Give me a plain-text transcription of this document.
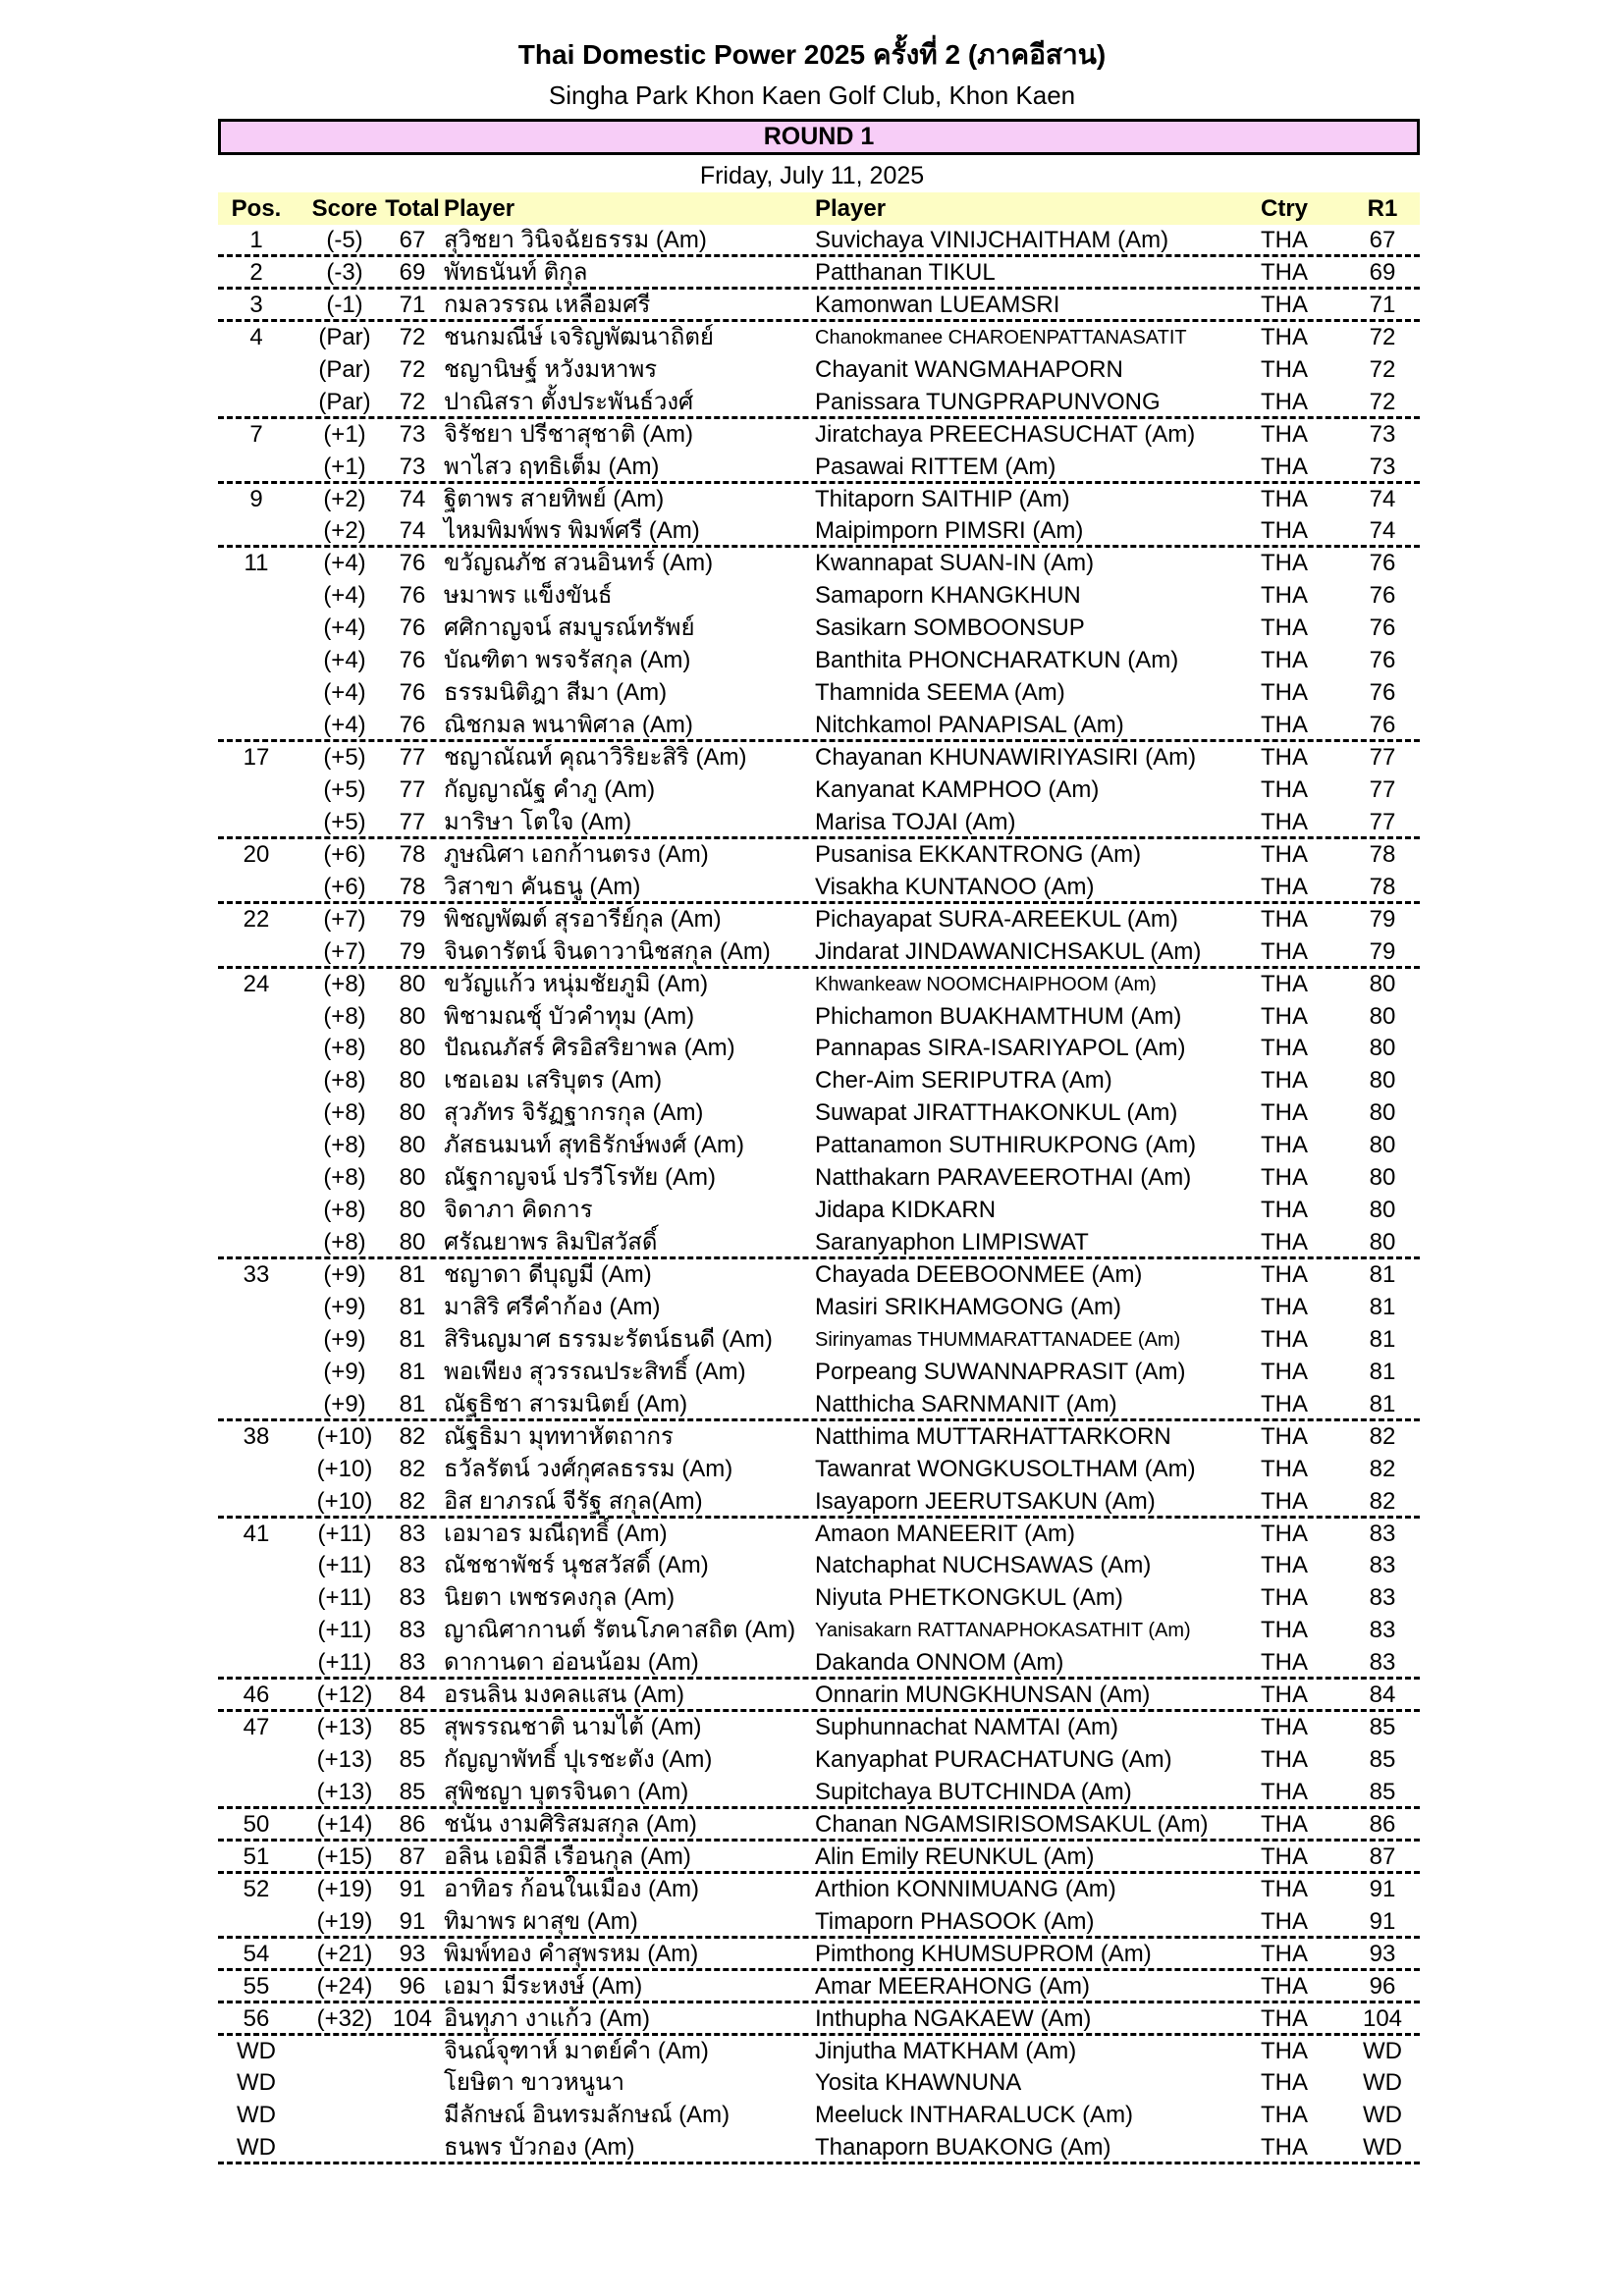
Thai Domestic Power 2025 ครั้งที่ 2 (ภาคอีสาน)
Singha Park Khon Kaen Golf Club, Khon Kaen
ROUND 1
Friday, July 11, 2025
Pos.	Score Total Player	Player	Ctry	R1
1	(-5)	67 สุวิชยา วินิจฉัยธรรม (Am)	Suvichaya VINIJCHAITHAM (Am)	THA	67
2	(-3)	69 พัทธนันท์ ติกุล	Patthanan TIKUL	THA	69
3	(-1)	71 กมลวรรณ เหลือมศรี	Kamonwan LUEAMSRI	THA	71
4	(Par)	72 ชนกมณีษ์ เจริญพัฒนาถิตย์	Chanokmanee CHAROENPATTANASATIT	THA	72
(Par)	72 ชญานิษฐ์ หวังมหาพร	Chayanit WANGMAHAPORN	THA	72
(Par)	72 ปาณิสรา ตั้งประพันธ์วงศ์	Panissara TUNGPRAPUNVONG	THA	72
7	(+1)	73 จิรัชยา ปรีชาสุชาติ (Am)	Jiratchaya PREECHASUCHAT (Am)	THA	73
(+1)	73 พาไสว ฤทธิเต็ม (Am)	Pasawai RITTEM (Am)	THA	73
9	(+2)	74 ฐิตาพร สายทิพย์ (Am)	Thitaporn SAITHIP (Am)	THA	74
(+2)	74 ไหมพิมพ์พร พิมพ์ศรี (Am)	Maipimporn PIMSRI (Am)	THA	74
11	(+4)	76 ขวัญณภัช สวนอินทร์ (Am)	Kwannapat SUAN-IN (Am)	THA	76
(+4)	76 ษมาพร แข็งขันธ์	Samaporn KHANGKHUN	THA	76
(+4)	76 ศศิกาญจน์ สมบูรณ์ทรัพย์	Sasikarn SOMBOONSUP	THA	76
(+4)	76 บัณฑิตา พรจรัสกุล (Am)	Banthita PHONCHARATKUN (Am)	THA	76
(+4)	76 ธรรมนิติฎา สีมา (Am)	Thamnida SEEMA (Am)	THA	76
(+4)	76 ณิชกมล พนาพิศาล (Am)	Nitchkamol PANAPISAL (Am)	THA	76
17	(+5)	77 ชญาณัณท์ คุณาวิริยะสิริ (Am)	Chayanan KHUNAWIRIYASIRI (Am)	THA	77
(+5)	77 กัญญาณัฐ คำภู (Am)	Kanyanat KAMPHOO (Am)	THA	77
(+5)	77 มาริษา โตใจ (Am)	Marisa TOJAI (Am)	THA	77
20	(+6)	78 ภูษณิศา เอกก้านตรง (Am)	Pusanisa EKKANTRONG (Am)	THA	78
(+6)	78 วิสาขา คันธนู (Am)	Visakha KUNTANOO (Am)	THA	78
22	(+7)	79 พิชญพัฒต์ สุรอารีย์กุล (Am)	Pichayapat SURA-AREEKUL (Am)	THA	79
(+7)	79 จินดารัตน์ จินดาวานิชสกุล (Am) Jindarat JINDAWANICHSAKUL (Am)	THA	79
24	(+8)	80 ขวัญแก้ว หนุ่มชัยภูมิ (Am)	Khwankeaw NOOMCHAIPHOOM (Am)	THA	80
(+8)	80 พิชามณชุ์ บัวคำทุม (Am)	Phichamon BUAKHAMTHUM (Am)	THA	80
(+8)	80 ปัณณภัสร์ ศิรอิสริยาพล (Am)	Pannapas SIRA-ISARIYAPOL (Am)	THA	80
(+8)	80 เชอเอม เสริบุตร (Am)	Cher-Aim SERIPUTRA (Am)	THA	80
(+8)	80 สุวภัทร จิรัฏฐากรกุล (Am)	Suwapat JIRATTHAKONKUL (Am)	THA	80
(+8)	80 ภัสธนมนท์ สุทธิรักษ์พงศ์ (Am)	Pattanamon SUTHIRUKPONG (Am)	THA	80
(+8)	80 ณัฐกาญจน์ ปรวีโรทัย (Am)	Natthakarn PARAVEEROTHAI (Am)	THA	80
(+8)	80 จิดาภา คิดการ	Jidapa KIDKARN	THA	80
(+8)	80 ศรัณยาพร ลิมปิสวัสดิ์	Saranyaphon LIMPISWAT	THA	80
33	(+9)	81 ชญาดา ดีบุญมี (Am)	Chayada DEEBOONMEE (Am)	THA	81
(+9)	81 มาสิริ ศรีคำก้อง (Am)	Masiri SRIKHAMGONG (Am)	THA	81
(+9)	81 สิรินญมาศ ธรรมะรัตน์ธนดี (Am) Sirinyamas THUMMARATTANADEE (Am)	THA	81
(+9)	81 พอเพียง สุวรรณประสิทธิ์ (Am)	Porpeang SUWANNAPRASIT (Am)	THA	81
(+9)	81 ณัฐธิชา สารมนิตย์ (Am)	Natthicha SARNMANIT (Am)	THA	81
38	(+10)	82 ณัฐธิมา มุททาหัตถากร	Natthima MUTTARHATTARKORN	THA	82
(+10)	82 ธวัลรัตน์ วงศ์กุศลธรรม (Am)	Tawanrat WONGKUSOLTHAM (Am)	THA	82
(+10)	82 อิส ยาภรณ์ จีรัฐ สกุล(Am)	Isayaporn JEERUTSAKUN (Am)	THA	82
41	(+11)	83 เอมาอร มณีฤทธิ์ (Am)	Amaon MANEERIT (Am)	THA	83
(+11)	83 ณัชชาพัชร์ นุชสวัสดิ์ (Am)	Natchaphat NUCHSAWAS (Am)	THA	83
(+11)	83 นิยตา เพชรคงกุล (Am)	Niyuta PHETKONGKUL (Am)	THA	83
(+11)	83 ญาณิศากานต์ รัตนโภคาสถิต (Am) Yanisakarn RATTANAPHOKASATHIT (Am)	THA	83
(+11)	83 ดากานดา อ่อนน้อม (Am)	Dakanda ONNOM (Am)	THA	83
46	(+12)	84 อรนลิน มงคลแสน (Am)	Onnarin MUNGKHUNSAN (Am)	THA	84
47	(+13)	85 สุพรรณชาติ นามไต้ (Am)	Suphunnachat NAMTAI (Am)	THA	85
(+13)	85 กัญญาพัทธิ์ ปุเรชะตัง (Am)	Kanyaphat PURACHATUNG (Am)	THA	85
(+13)	85 สุพิชญา บุตรจินดา (Am)	Supitchaya BUTCHINDA (Am)	THA	85
50	(+14)	86 ชนัน งามศิริสมสกุล (Am)	Chanan NGAMSIRISOMSAKUL (Am) THA	86
51	(+15)	87 อลิน เอมิลี่ เรือนกุล (Am)	Alin Emily REUNKUL (Am)	THA	87
52	(+19)	91 อาทิอร ก้อนในเมือง (Am)	Arthion KONNIMUANG (Am)	THA	91
(+19)	91 ทิมาพร ผาสุข (Am)	Timaporn PHASOOK (Am)	THA	91
54	(+21)	93 พิมพ์ทอง คำสุพรหม (Am)	Pimthong KHUMSUPROM (Am)	THA	93
55	(+24)	96 เอมา มีระหงษ์ (Am)	Amar MEERAHONG (Am)	THA	96
56	(+32) 104 อินทุภา งาแก้ว (Am)	Inthupha NGAKAEW (Am)	THA	104
WD	จินณ์จุฑาห์ มาตย์คำ (Am)	Jinjutha MATKHAM (Am)	THA	WD
WD	โยษิตา ขาวหนูนา	Yosita KHAWNUNA	THA	WD
WD	มีลักษณ์ อินทรมลักษณ์ (Am)	Meeluck INTHARALUCK (Am)	THA	WD
WD	ธนพร บัวกอง (Am)	Thanaporn BUAKONG (Am)	THA	WD
